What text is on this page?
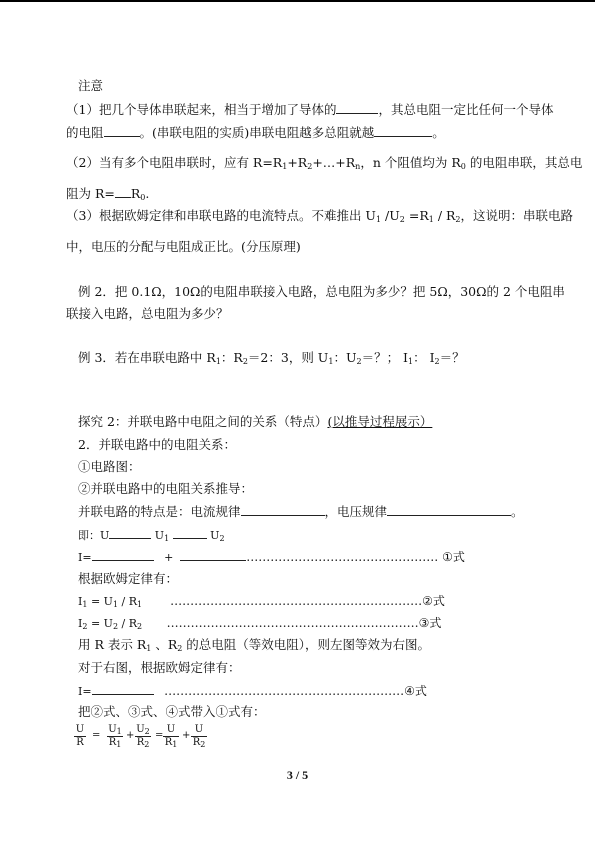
注意
（1）把几个导体串联起来，相当于增加了导体的	，其总电阻一定比任何一个导体
的电阻	。(串联电阻的实质)串联电阻越多总阻就越	。
（2）当有多个电阻串联时，应有 $R=R_1+R_2+\dots+R_n$，n 个阻值均为 $R_0$ 的电阻串联，其总电
阻为 $R= R_0$.
（3）根据欧姆定律和串联电路的电流特点。不难推出 $U_1$ $/U_2 =R_1 / R_2$，这说明：串联电路
中，电压的分配与电阻成正比。(分压原理)
例 2．把 0.1Ω，10Ω的电阻串联接入电路，总电阻为多少？把 5Ω，30Ω的 2 个电阻串
联接入电路，总电阻为多少？
例 3．若在串联电路中 $R_1$：$R_2=2$：3，则 $U_1$：$U_2=$？； $I_1$： $I_2=$？
探究 2：并联电路中电阻之间的关系（特点）(以推导过程展示）
2．并联电路中的电阻关系：
①电路图：
②并联电路中的电阻关系推导：
并联电路的特点是：电流规律	，电压规律	。
即：U	$U_1$	$U_2$
I=	+	………………………………………… ①式
根据欧姆定律有：
$I_1 = U_1 / R_1$ ………………………………………………………②式
$I_2 = U_2 / R_2$ ………………………………………………………③式
用 R 表示 $R_1$ 、$R_2$ 的总电阻（等效电阻），则左图等效为右图。
对于右图，根据欧姆定律有：
I=	……………………………………………………④式
把②式、③式、④式带入①式有：
$\frac{U}{R} = \frac{U_1}{R_1} + \frac{U_2}{R_2} = \frac{U}{R_1} + \frac{U}{R_2}$
3 / 5
